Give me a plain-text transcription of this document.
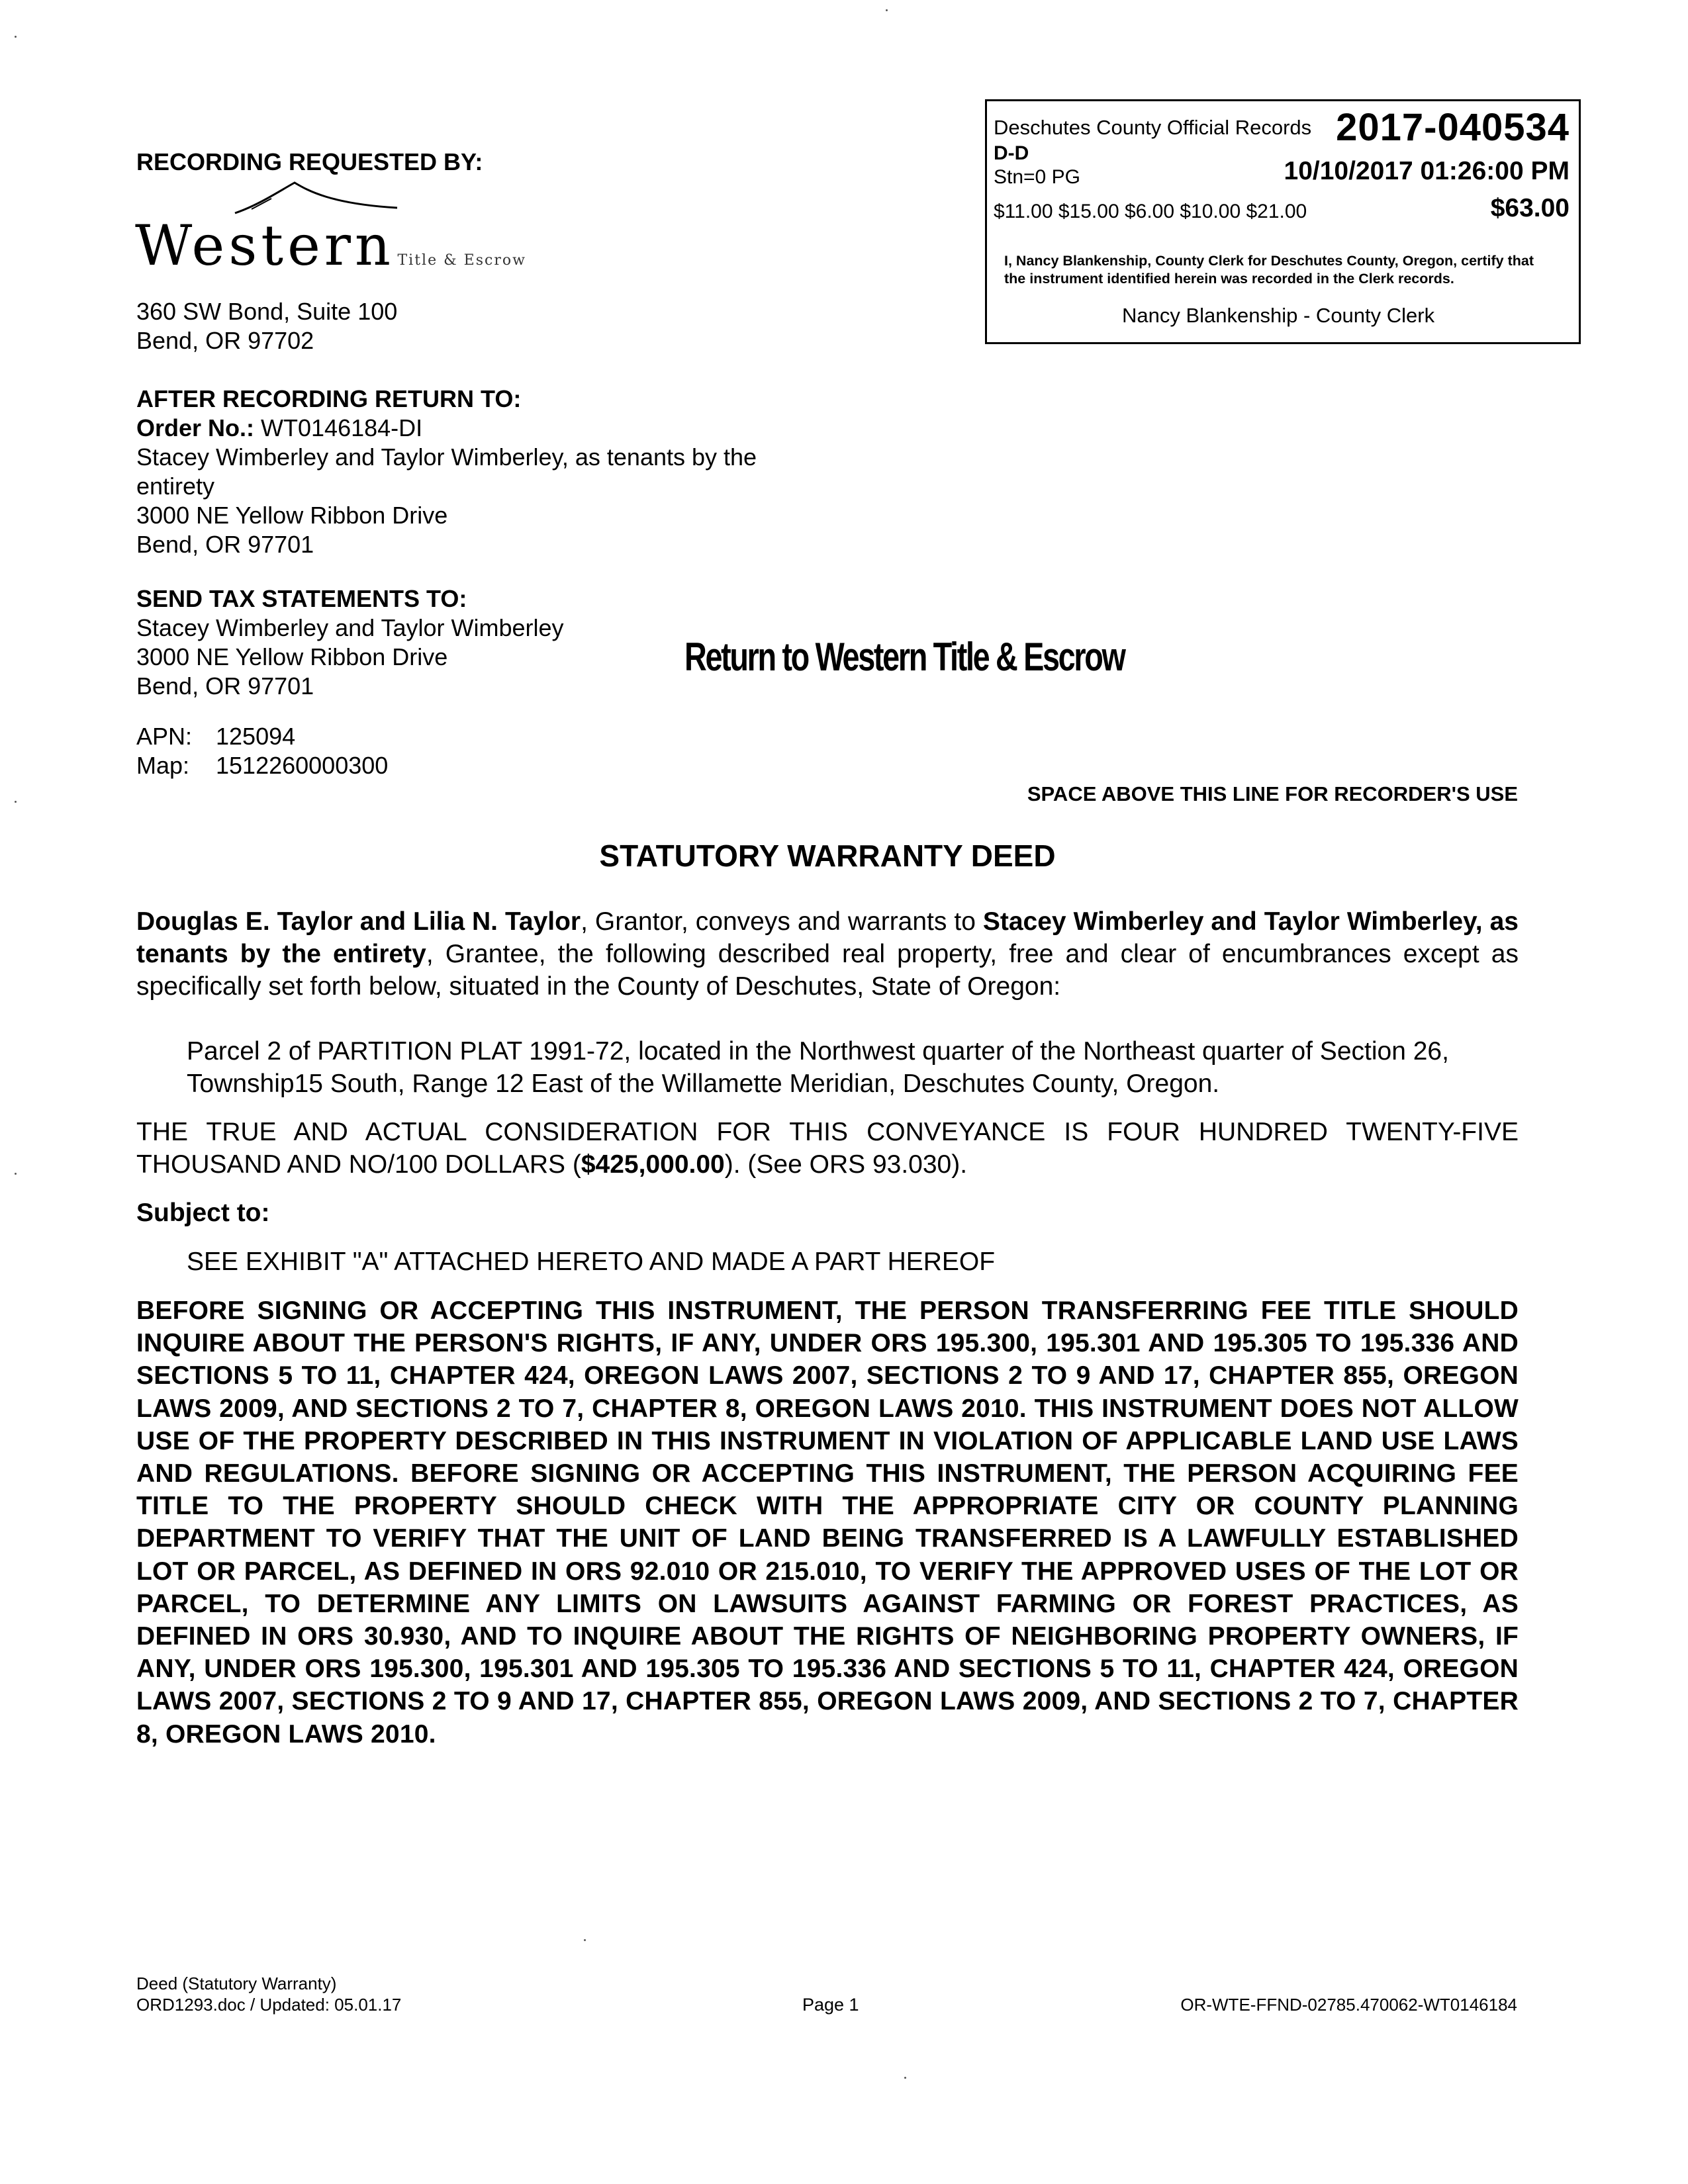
RECORDING REQUESTED BY:
Western Title & Escrow
360 SW Bond, Suite 100
Bend, OR 97702
Deschutes County Official Records 2017-040534
D-D
Stn=0 PG	10/10/2017 01:26:00 PM
$11.00 $15.00 $6.00 $10.00 $21.00	$63.00
I, Nancy Blankenship, County Clerk for Deschutes County, Oregon, certify that the instrument identified herein was recorded in the Clerk records.
Nancy Blankenship - County Clerk
AFTER RECORDING RETURN TO:
Order No.: WT0146184-DI
Stacey Wimberley and Taylor Wimberley, as tenants by the
entirety
3000 NE Yellow Ribbon Drive
Bend, OR 97701
SEND TAX STATEMENTS TO:
Stacey Wimberley and Taylor Wimberley
3000 NE Yellow Ribbon Drive
Bend, OR 97701
Return to Western Title & Escrow
APN: 125094
Map: 1512260000300
SPACE ABOVE THIS LINE FOR RECORDER'S USE
STATUTORY WARRANTY DEED
Douglas E. Taylor and Lilia N. Taylor, Grantor, conveys and warrants to Stacey Wimberley and Taylor Wimberley, as tenants by the entirety, Grantee, the following described real property, free and clear of encumbrances except as specifically set forth below, situated in the County of Deschutes, State of Oregon:
Parcel 2 of PARTITION PLAT 1991-72, located in the Northwest quarter of the Northeast quarter of Section 26, Township15 South, Range 12 East of the Willamette Meridian, Deschutes County, Oregon.
THE TRUE AND ACTUAL CONSIDERATION FOR THIS CONVEYANCE IS FOUR HUNDRED TWENTY-FIVE THOUSAND AND NO/100 DOLLARS ($425,000.00). (See ORS 93.030).
Subject to:
SEE EXHIBIT "A" ATTACHED HERETO AND MADE A PART HEREOF
BEFORE SIGNING OR ACCEPTING THIS INSTRUMENT, THE PERSON TRANSFERRING FEE TITLE SHOULD INQUIRE ABOUT THE PERSON'S RIGHTS, IF ANY, UNDER ORS 195.300, 195.301 AND 195.305 TO 195.336 AND SECTIONS 5 TO 11, CHAPTER 424, OREGON LAWS 2007, SECTIONS 2 TO 9 AND 17, CHAPTER 855, OREGON LAWS 2009, AND SECTIONS 2 TO 7, CHAPTER 8, OREGON LAWS 2010. THIS INSTRUMENT DOES NOT ALLOW USE OF THE PROPERTY DESCRIBED IN THIS INSTRUMENT IN VIOLATION OF APPLICABLE LAND USE LAWS AND REGULATIONS. BEFORE SIGNING OR ACCEPTING THIS INSTRUMENT, THE PERSON ACQUIRING FEE TITLE TO THE PROPERTY SHOULD CHECK WITH THE APPROPRIATE CITY OR COUNTY PLANNING DEPARTMENT TO VERIFY THAT THE UNIT OF LAND BEING TRANSFERRED IS A LAWFULLY ESTABLISHED LOT OR PARCEL, AS DEFINED IN ORS 92.010 OR 215.010, TO VERIFY THE APPROVED USES OF THE LOT OR PARCEL, TO DETERMINE ANY LIMITS ON LAWSUITS AGAINST FARMING OR FOREST PRACTICES, AS DEFINED IN ORS 30.930, AND TO INQUIRE ABOUT THE RIGHTS OF NEIGHBORING PROPERTY OWNERS, IF ANY, UNDER ORS 195.300, 195.301 AND 195.305 TO 195.336 AND SECTIONS 5 TO 11, CHAPTER 424, OREGON LAWS 2007, SECTIONS 2 TO 9 AND 17, CHAPTER 855, OREGON LAWS 2009, AND SECTIONS 2 TO 7, CHAPTER 8, OREGON LAWS 2010.
Deed (Statutory Warranty)
ORD1293.doc / Updated: 05.01.17	Page 1	OR-WTE-FFND-02785.470062-WT0146184
